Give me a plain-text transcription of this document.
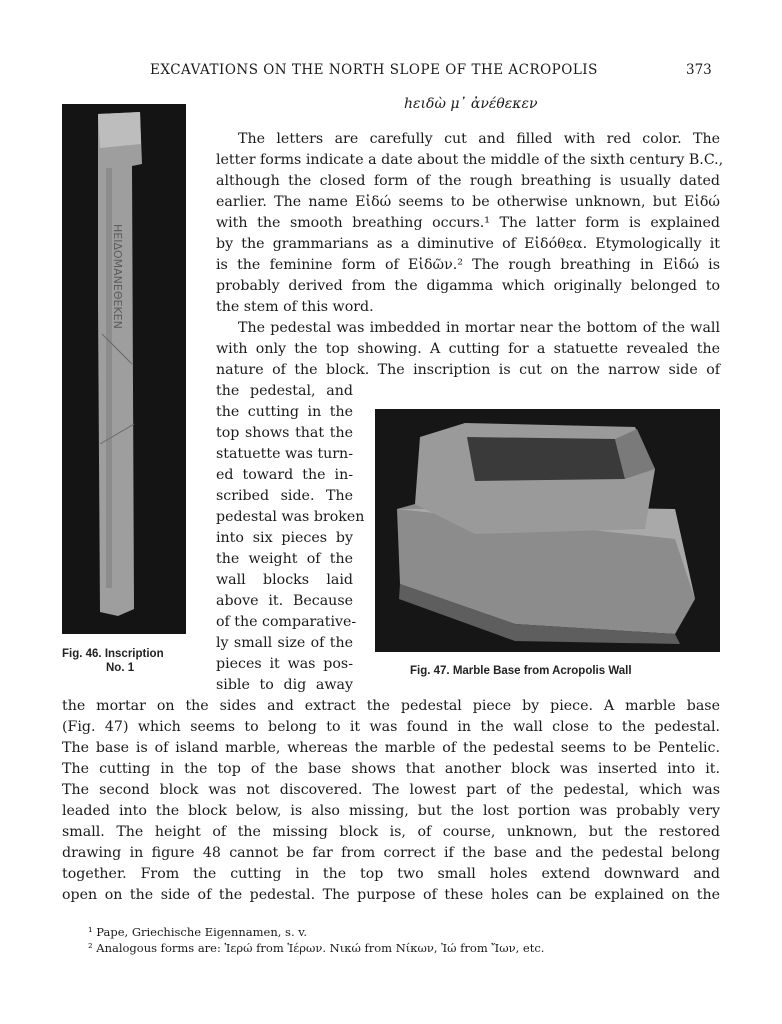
EXCAVATIONS ON THE NORTH SLOPE OF THE ACROPOLIS	373
hειδὼ μ᾽ ἀνέθεκεν
HEIΔOMANEΘEKEN
Fig. 46. Inscription
No. 1	Fig. 47. Marble Base from Acropolis Wall
The letters are carefully cut and filled with red color. The
letter forms indicate a date about the middle of the sixth century B.C.,
although the closed form of the rough breathing is usually dated
earlier. The name Εἰδώ seems to be otherwise unknown, but Εἰδώ
with the smooth breathing occurs.¹ The latter form is explained
by the grammarians as a diminutive of Εἰδόθεα. Etymologically it
is the feminine form of Εἰδῶν.² The rough breathing in Εἰδώ is
probably derived from the digamma which originally belonged to
the stem of this word.
The pedestal was imbedded in mortar near the bottom of the wall
with only the top showing. A cutting for a statuette revealed the
nature of the block. The inscription is cut on the narrow side of
the pedestal, and
the cutting in the
top shows that the
statuette was turn-
ed toward the in-
scribed side. The
pedestal was broken
into six pieces by
the weight of the
wall blocks laid
above it. Because
of the comparative-
ly small size of the
pieces it was pos-
sible to dig away
the mortar on the sides and extract the pedestal piece by piece. A marble base
(Fig. 47) which seems to belong to it was found in the wall close to the pedestal.
The base is of island marble, whereas the marble of the pedestal seems to be Pentelic.
The cutting in the top of the base shows that another block was inserted into it.
The second block was not discovered. The lowest part of the pedestal, which was
leaded into the block below, is also missing, but the lost portion was probably very
small. The height of the missing block is, of course, unknown, but the restored
drawing in figure 48 cannot be far from correct if the base and the pedestal belong
together. From the cutting in the top two small holes extend downward and
open on the side of the pedestal. The purpose of these holes can be explained on the
¹ Pape, Griechische Eigennamen, s. v.
² Analogous forms are: Ἱερώ from Ἱέρων. Νικώ from Νίκων, Ἰώ from Ἴων, etc.
